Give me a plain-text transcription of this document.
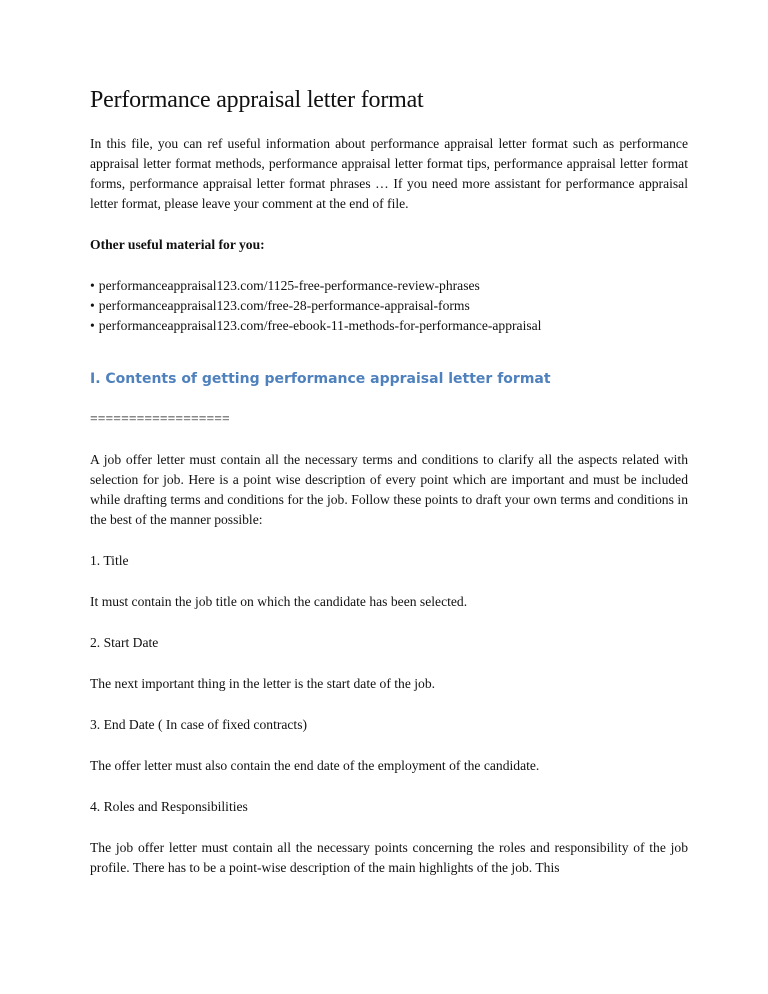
Performance appraisal letter format

In this file, you can ref useful information about performance appraisal letter format such as performance appraisal letter format methods, performance appraisal letter format tips, performance appraisal letter format forms, performance appraisal letter format phrases … If you need more assistant for performance appraisal letter format, please leave your comment at the end of file.

Other useful material for you:

• performanceappraisal123.com/1125-free-performance-review-phrases
• performanceappraisal123.com/free-28-performance-appraisal-forms
• performanceappraisal123.com/free-ebook-11-methods-for-performance-appraisal
I. Contents of getting performance appraisal letter format

==================

A job offer letter must contain all the necessary terms and conditions to clarify all the aspects related with selection for job. Here is a point wise description of every point which are important and must be included while drafting terms and conditions for the job. Follow these points to draft your own terms and conditions in the best of the manner possible:

1. Title

It must contain the job title on which the candidate has been selected.

2. Start Date

The next important thing in the letter is the start date of the job.

3. End Date ( In case of fixed contracts)

The offer letter must also contain the end date of the employment of the candidate.

4. Roles and Responsibilities

The job offer letter must contain all the necessary points concerning the roles and responsibility of the job profile. There has to be a point-wise description of the main highlights of the job. This
